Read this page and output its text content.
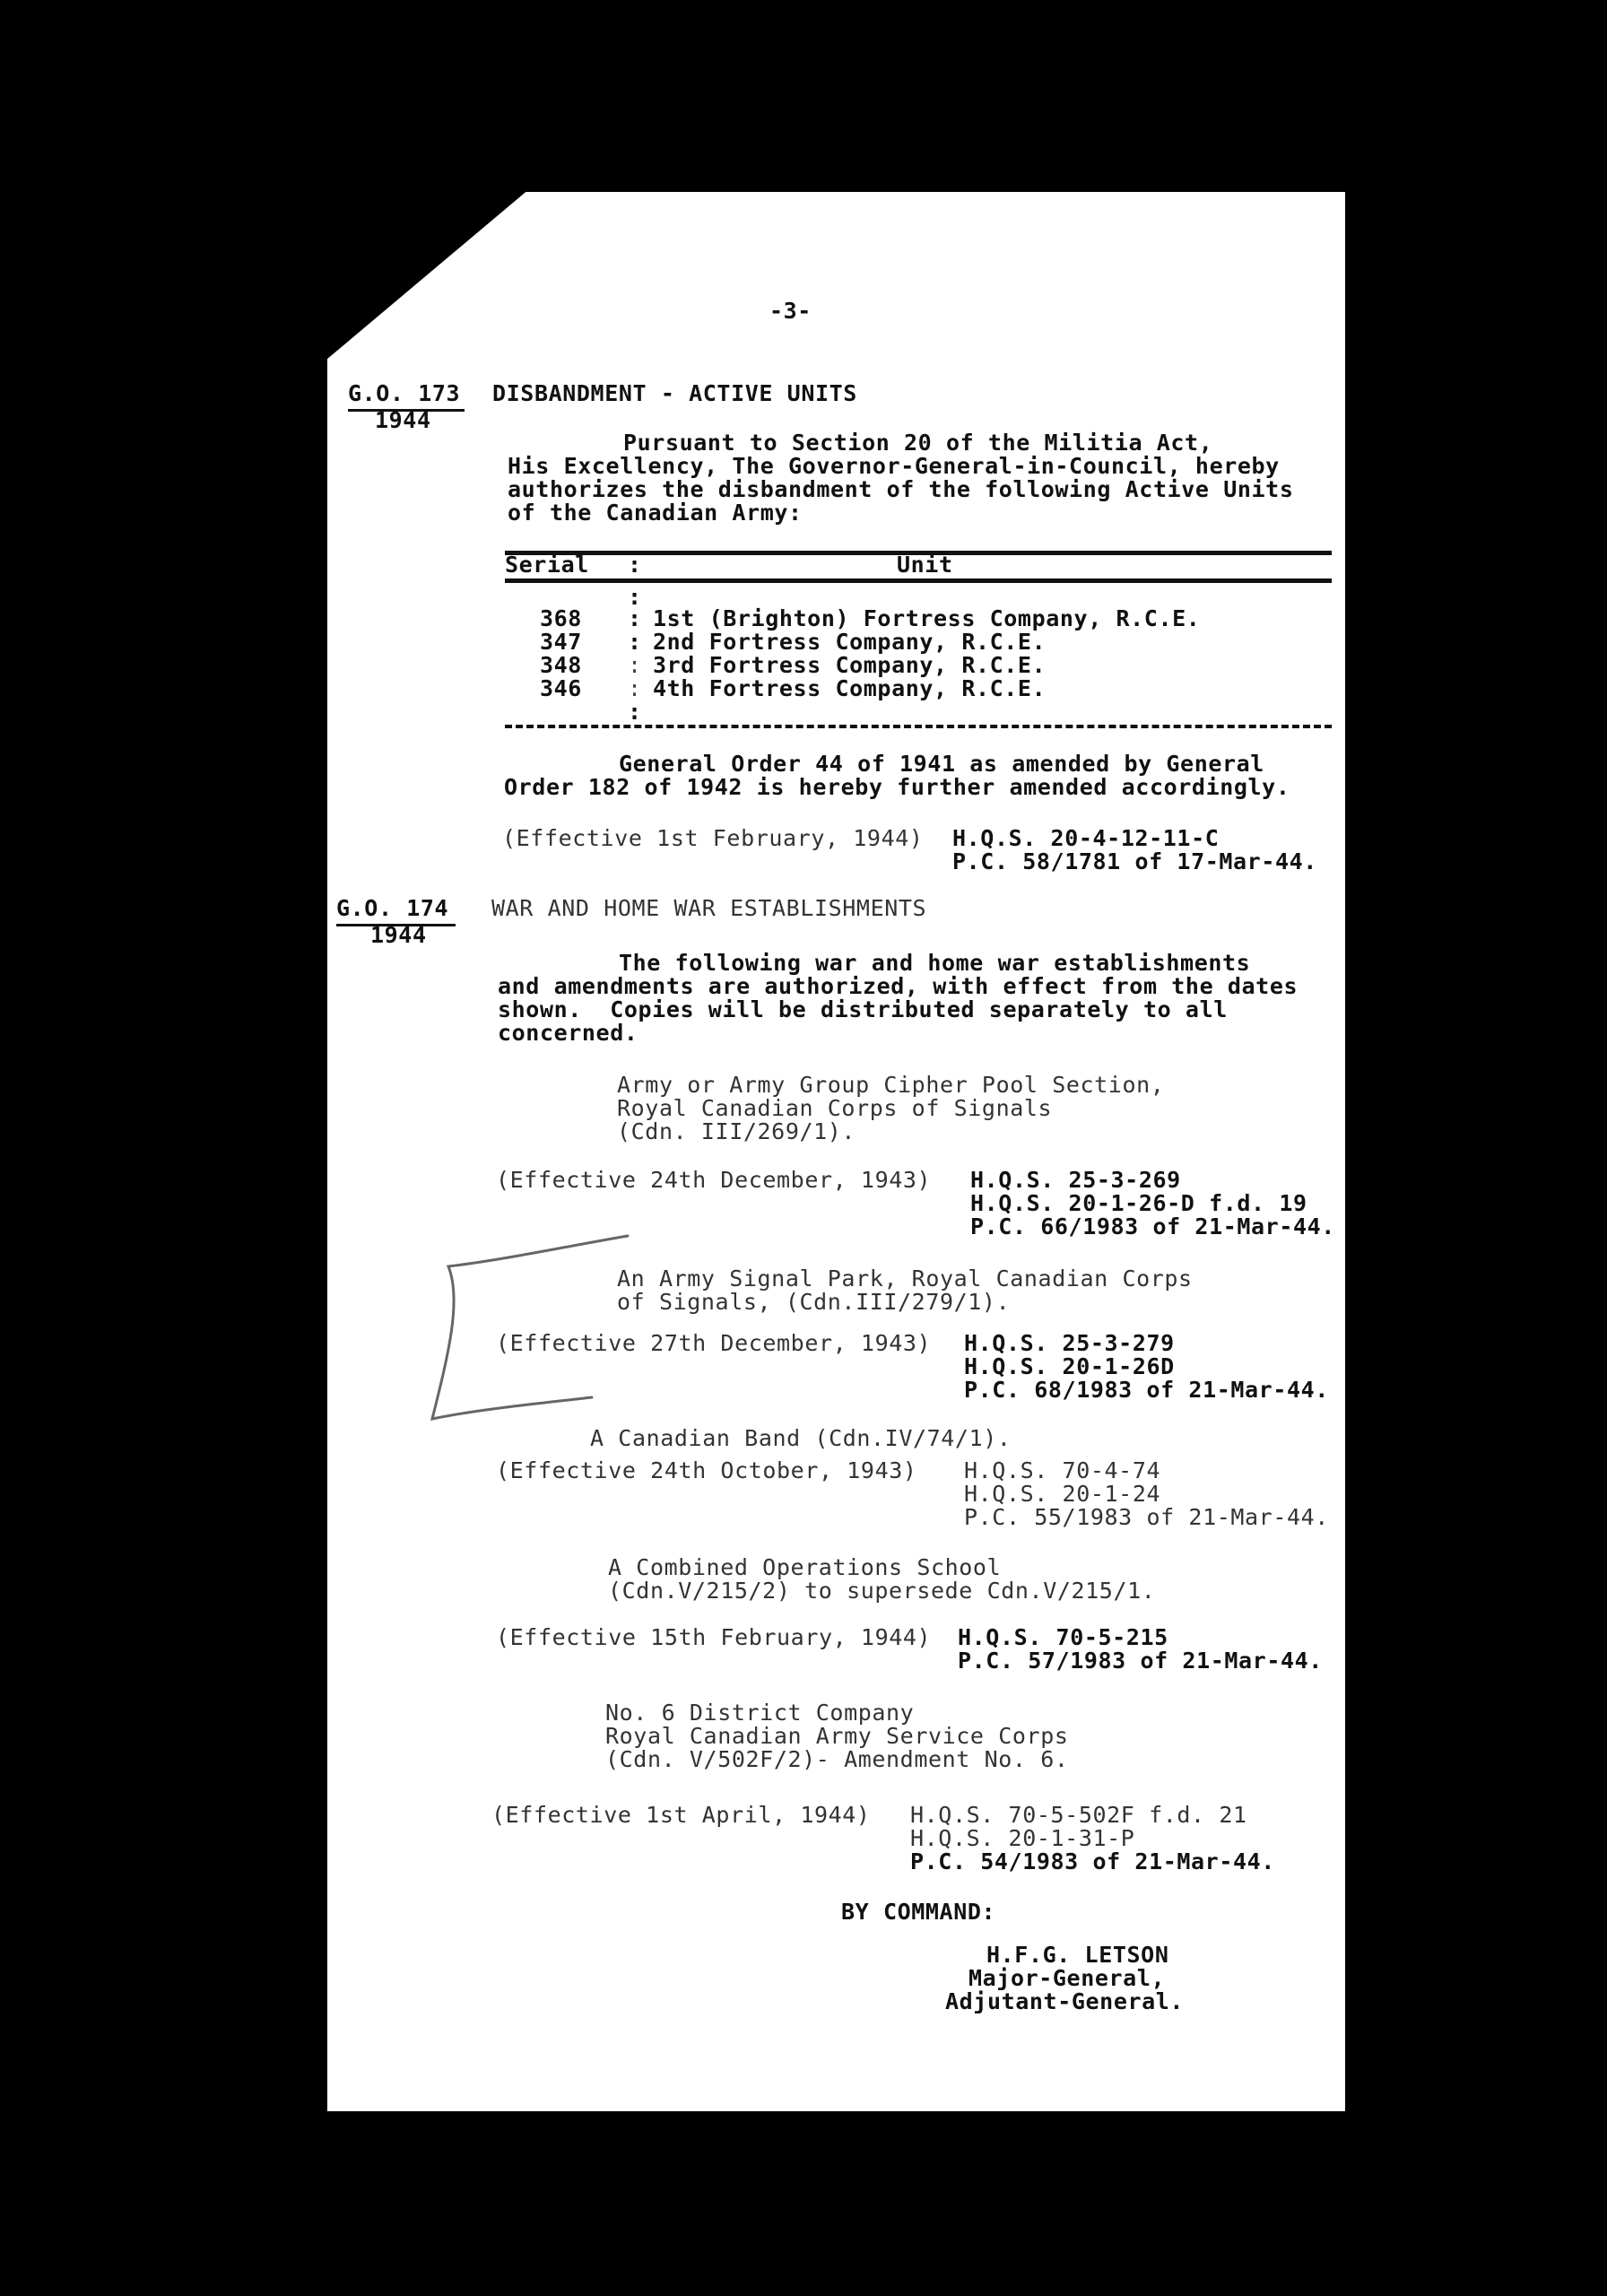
-3-
G.O. 173
1944
DISBANDMENT - ACTIVE UNITS
Pursuant to Section 20 of the Militia Act,
His Excellency, The Governor-General-in-Council, hereby
authorizes the disbandment of the following Active Units
of the Canadian Army:
Serial :	Unit
:
368 : 1st (Brighton) Fortress Company, R.C.E.
347 : 2nd Fortress Company, R.C.E.
348 : 3rd Fortress Company, R.C.E.
346 : 4th Fortress Company, R.C.E.
:
General Order 44 of 1941 as amended by General
Order 182 of 1942 is hereby further amended accordingly.
(Effective 1st February, 1944) H.Q.S. 20-4-12-11-C
P.C. 58/1781 of 17-Mar-44.
G.O. 174
1944
WAR AND HOME WAR ESTABLISHMENTS
The following war and home war establishments
and amendments are authorized, with effect from the dates
shown.  Copies will be distributed separately to all
concerned.
Army or Army Group Cipher Pool Section,
Royal Canadian Corps of Signals
(Cdn. III/269/1).
(Effective 24th December, 1943) H.Q.S. 25-3-269
H.Q.S. 20-1-26-D f.d. 19
P.C. 66/1983 of 21-Mar-44.
An Army Signal Park, Royal Canadian Corps
of Signals, (Cdn.III/279/1).
(Effective 27th December, 1943) H.Q.S. 25-3-279
H.Q.S. 20-1-26D
P.C. 68/1983 of 21-Mar-44.
A Canadian Band (Cdn.IV/74/1).
(Effective 24th October, 1943) H.Q.S. 70-4-74
H.Q.S. 20-1-24
P.C. 55/1983 of 21-Mar-44.
A Combined Operations School
(Cdn.V/215/2) to supersede Cdn.V/215/1.
(Effective 15th February, 1944) H.Q.S. 70-5-215
P.C. 57/1983 of 21-Mar-44.
No. 6 District Company
Royal Canadian Army Service Corps
(Cdn. V/502F/2)- Amendment No. 6.
(Effective 1st April, 1944) H.Q.S. 70-5-502F f.d. 21
H.Q.S. 20-1-31-P
P.C. 54/1983 of 21-Mar-44.
BY COMMAND:
H.F.G. LETSON
Major-General,
Adjutant-General.
